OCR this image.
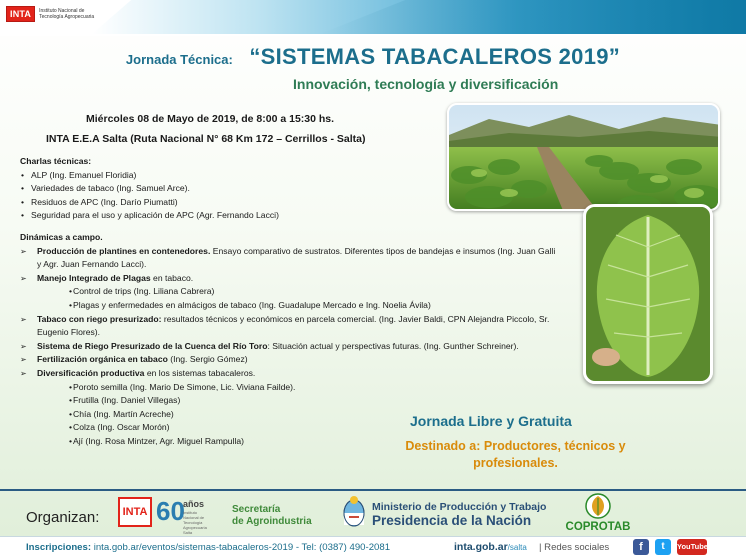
INTA	Instituto Nacional de Tecnología Agropecuaria
Jornada Técnica: “SISTEMAS TABACALEROS 2019”
Innovación, tecnología y diversificación
Miércoles 08 de Mayo de 2019, de 8:00 a 15:30 hs.
INTA E.E.A Salta (Ruta Nacional N° 68 Km 172 – Cerrillos - Salta)
Charlas técnicas:
• ALP (Ing. Emanuel Floridia)
• Variedades de tabaco (Ing. Samuel Arce).
• Residuos de APC (Ing. Darío Piumatti)
• Seguridad para el uso y aplicación de APC (Agr. Fernando Lacci)
Dinámicas a campo.
➢ Producción de plantines en contenedores. Ensayo comparativo de sustratos. Diferentes tipos de bandejas e insumos (Ing. Juan Galli y Agr. Juan Fernando Lacci).
➢ Manejo Integrado de Plagas en tabaco.
• Control de trips (Ing. Liliana Cabrera)
• Plagas y enfermedades en almácigos de tabaco (Ing. Guadalupe Mercado e Ing. Noelia Ávila)
➢ Tabaco con riego presurizado: resultados técnicos y económicos en parcela comercial. (Ing. Javier Baldi, CPN Alejandra Piccolo, Sr. Eugenio Flores).
➢ Sistema de Riego Presurizado de la Cuenca del Río Toro: Situación actual y perspectivas futuras. (Ing. Gunther Schreiner).
➢ Fertilización orgánica en tabaco (Ing. Sergio Gómez)
➢ Diversificación productiva en los sistemas tabacaleros.
• Poroto semilla (Ing. Mario De Simone, Lic. Viviana Failde).
• Frutilla (Ing. Daniel Villegas)
• Chía (Ing. Martín Acreche)
• Colza (Ing. Oscar Morón)
• Ají (Ing. Rosa Mintzer, Agr. Miguel Rampulla)
Jornada Libre y Gratuita
Destinado a: Productores, técnicos y profesionales.
Organizan:	INTA 60
años
Instituto Nacional de Tecnología Agropecuaria Salta
Secretaría
de Agroindustria
Ministerio de Producción y Trabajo
Presidencia de la Nación	COPROTAB
Inscripciones: inta.gob.ar/eventos/sistemas-tabacaleros-2019 - Tel: (0387) 490-2081	inta.gob.ar/salta | Redes sociales	f	t	YouTube
